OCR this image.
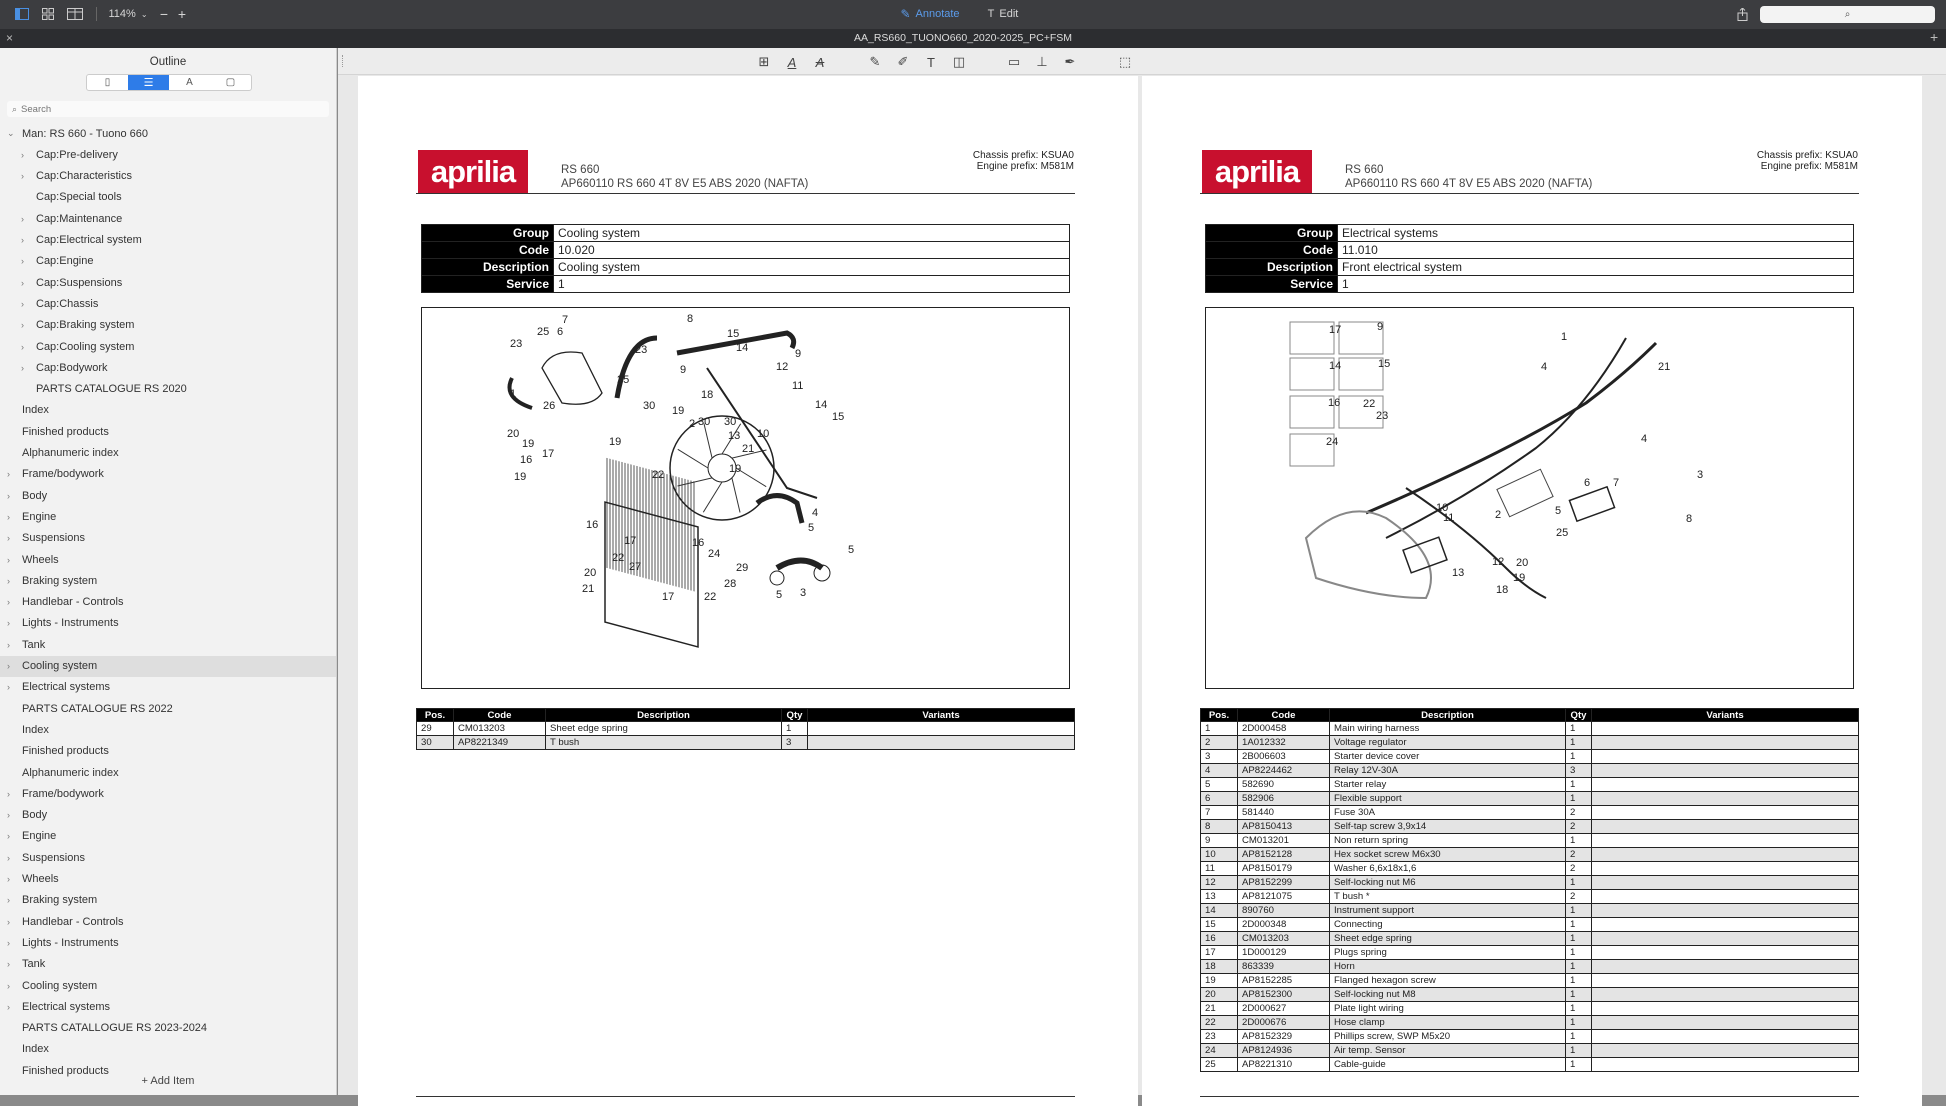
114% ⌄ − +	✎ Annotate	T Edit	⌕
×	AA_RS660_TUONO660_2020-2025_PC+FSM	+
Outline
▯	☰	A	▢
⌕
Search
⌄ Man: RS 660 - Tuono 660
› Cap:Pre-delivery
› Cap:Characteristics
Cap:Special tools
› Cap:Maintenance
› Cap:Electrical system
› Cap:Engine
› Cap:Suspensions
› Cap:Chassis
› Cap:Braking system
› Cap:Cooling system
› Cap:Bodywork
PARTS CATALOGUE RS 2020
Index
Finished products
Alphanumeric index
› Frame/bodywork
› Body
› Engine
› Suspensions
› Wheels
› Braking system
› Handlebar - Controls
› Lights - Instruments
› Tank
› Cooling system
› Electrical systems
PARTS CATALOGUE RS 2022
Index
Finished products
Alphanumeric index
› Frame/bodywork
› Body
› Engine
› Suspensions
› Wheels
› Braking system
› Handlebar - Controls
› Lights - Instruments
› Tank
› Cooling system
› Electrical systems
PARTS CATALLOGUE RS 2023-2024
Index
Finished products
+ Add Item
⊞	A	A	✎ ✐	T	◫	▭ ⊥ ✒	⬚
aprilia	RS 660
AP660110 RS 660 4T 8V E5 ABS 2020 (NAFTA)
Chassis prefix: KSUA0
Engine prefix: M581M
Group	Cooling system
Code	10.020
Description	Cooling system
Service	1
7
25 6
23	23
25
8
15
9
14	9
12
11
14
15
1
26	30 19
30
18
2	30
10
19	13
21
20
19
17
16
22
19
19
4
5
16
17
22
27
16
24
29
28
20
21
17	22	5 3
5
Pos.	Code	Description	Qty	Variants
29	CM013203	Sheet edge spring	1	
30	AP8221349	T bush	3	
aprilia	RS 660
AP660110 RS 660 4T 8V E5 ABS 2020 (NAFTA)
Chassis prefix: KSUA0
Engine prefix: M581M
Group	Electrical systems
Code	11.010
Description	Front electrical system
Service	1
17	9
14	15
16 22
23
24
1
21
4
4
3
6 7
5
8
10
11	2
13
12 20
19
18
25
Pos.	Code	Description	Qty	Variants
1	2D000458	Main wiring harness	1	
2	1A012332	Voltage regulator	1	
3	2B006603	Starter device cover	1	
4	AP8224462	Relay 12V-30A	3	
5	582690	Starter relay	1	
6	582906	Flexible support	1	
7	581440	Fuse 30A	2	
8	AP8150413	Self-tap screw 3,9x14	2	
9	CM013201	Non return spring	1	
10	AP8152128	Hex socket screw M6x30	2	
11	AP8150179	Washer 6,6x18x1,6	2	
12	AP8152299	Self-locking nut M6	1	
13	AP8121075	T bush *	2	
14	890760	Instrument support	1	
15	2D000348	Connecting	1	
16	CM013203	Sheet edge spring	1	
17	1D000129	Plugs spring	1	
18	863339	Horn	1	
19	AP8152285	Flanged hexagon screw	1	
20	AP8152300	Self-locking nut M8	1	
21	2D000627	Plate light wiring	1	
22	2D000676	Hose clamp	1	
23	AP8152329	Phillips screw, SWP M5x20	1	
24	AP8124936	Air temp. Sensor	1	
25	AP8221310	Cable-guide	1	
